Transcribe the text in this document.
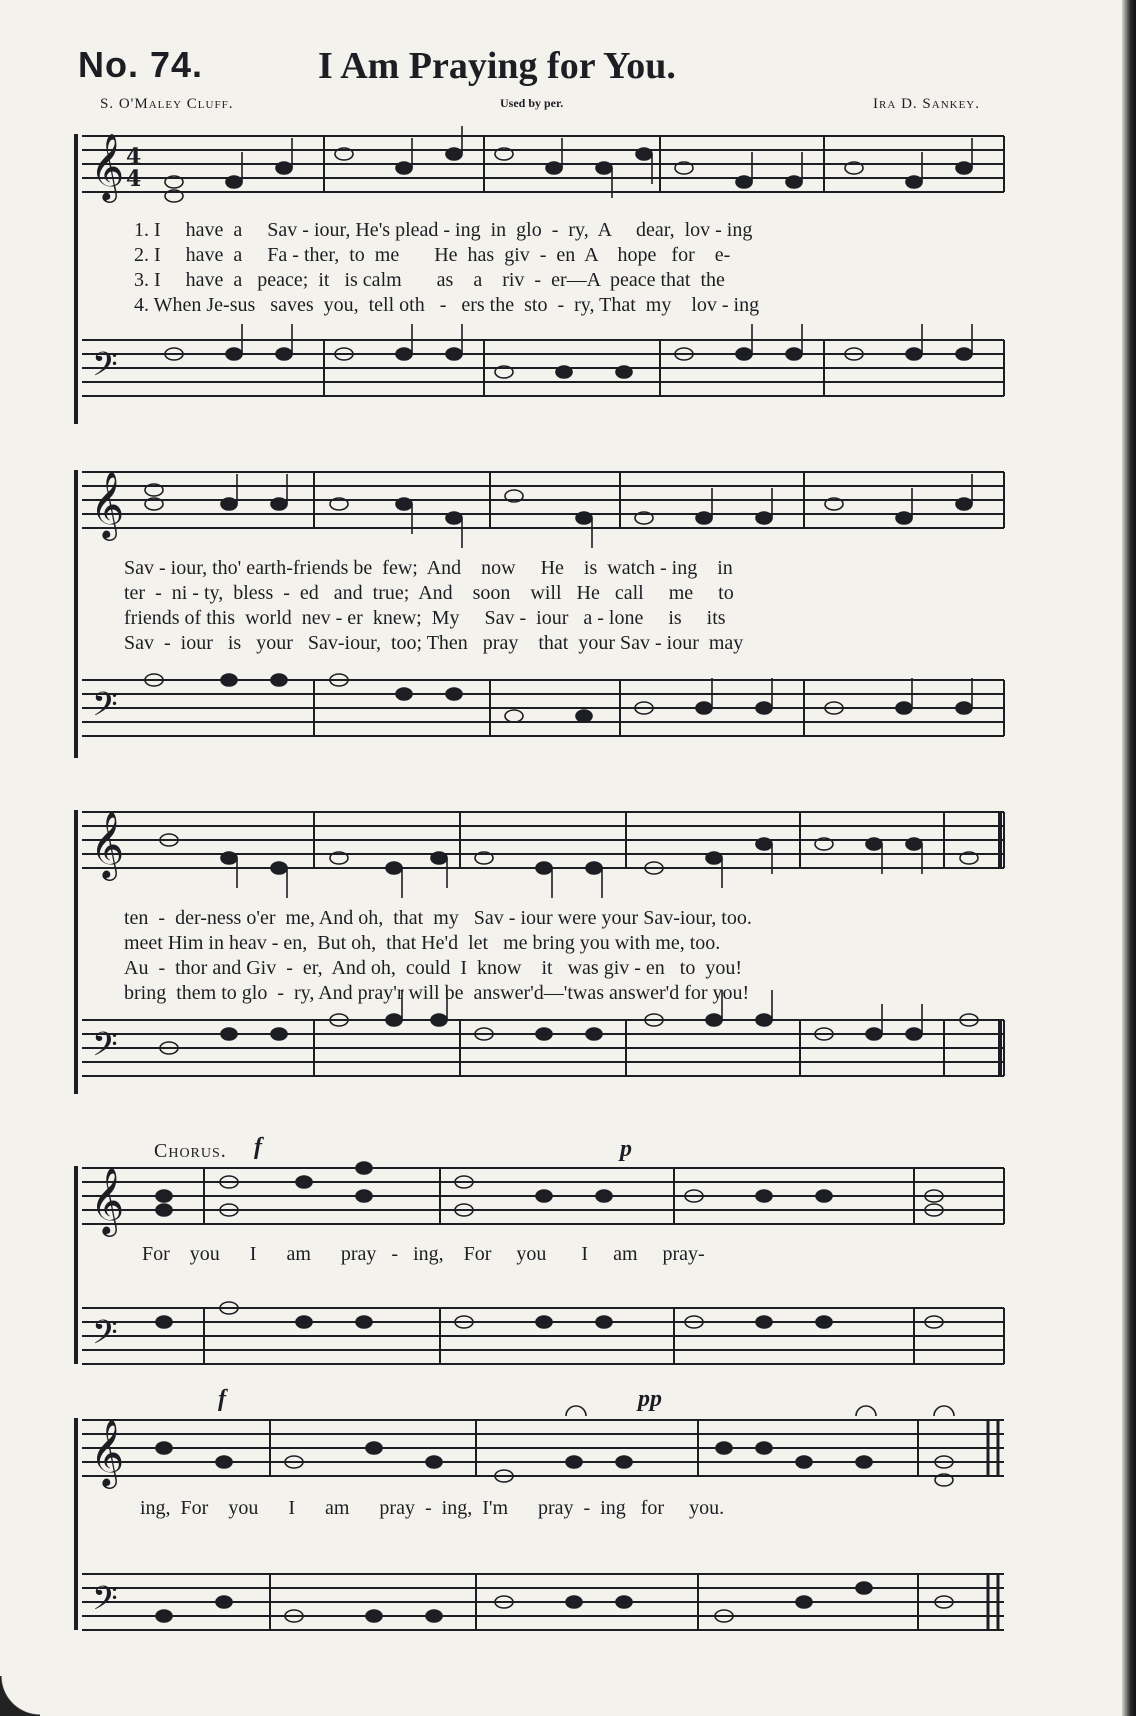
No. 74.	I Am Praying for You.
S. O'Maley Cluff.	Used by per.	Ira D. Sankey.
𝄞
𝄢
4
4
1. I     have  a     Sav - iour, He's plead - ing  in  glo  -  ry,  A     dear,  lov - ing
2. I     have  a     Fa - ther,  to  me       He  has  giv  -  en  A    hope   for    e-
3. I     have  a   peace;  it   is calm       as    a    riv  -  er—A  peace that  the
4. When Je-sus   saves  you,  tell oth   -   ers the  sto  -  ry, That  my    lov - ing
𝄞
𝄢
Sav - iour, tho' earth-friends be  few;  And    now     He    is  watch - ing    in
ter  -  ni - ty,  bless  -  ed   and  true;  And    soon    will   He   call     me     to
friends of this  world  nev - er  knew;  My     Sav -  iour   a - lone     is     its
Sav  -  iour   is   your   Sav-iour,  too; Then   pray    that  your Sav - iour  may
𝄞
𝄢
ten  -  der-ness o'er  me, And oh,  that  my   Sav - iour were your Sav-iour, too.
meet Him in heav - en,  But oh,  that He'd  let   me bring you with me, too.
Au  -  thor and Giv  -  er,  And oh,  could  I  know    it   was giv - en   to  you!
bring  them to glo  -  ry, And pray'r will be  answer'd—'twas answer'd for you!
Chorus. f	p
𝄞
𝄢
For    you      I      am      pray   -   ing,    For     you       I     am     pray-
f	pp
𝄞
𝄢
ing,  For    you      I      am      pray  -  ing,  I'm      pray  -  ing   for     you.
